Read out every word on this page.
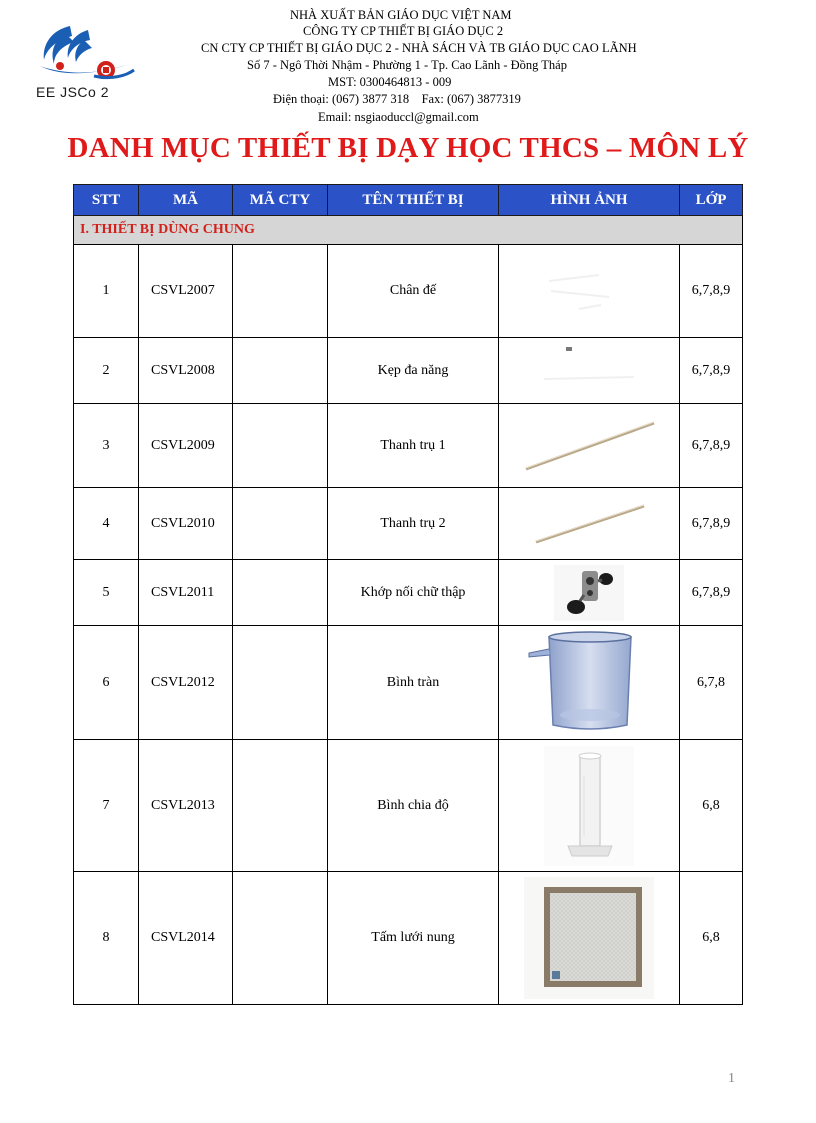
EE JSCo 2
NHÀ XUẤT BẢN GIÁO DỤC VIỆT NAM
CÔNG TY CP THIẾT BỊ GIÁO DỤC 2
CN CTY CP THIẾT BỊ GIÁO DỤC 2 - NHÀ SÁCH VÀ TB GIÁO DỤC CAO LÃNH
Số 7 - Ngô Thời Nhậm - Phường 1 - Tp. Cao Lãnh - Đồng Tháp
MST: 0300464813 - 009
Điện thoại: (067) 3877 318    Fax: (067) 3877319
Email: nsgiaoduccl@gmail.com
DANH MỤC THIẾT BỊ DẠY HỌC THCS – MÔN LÝ
STT	MÃ	MÃ CTY	TÊN THIẾT BỊ	HÌNH ẢNH	LỚP
I. THIẾT BỊ DÙNG CHUNG					
1	CSVL2007		Chân đế		6,7,8,9
2	CSVL2008		Kẹp đa năng		6,7,8,9
3	CSVL2009		Thanh trụ 1		6,7,8,9
4	CSVL2010		Thanh trụ 2		6,7,8,9
5	CSVL2011		Khớp nối chữ thập		6,7,8,9
6	CSVL2012		Bình tràn		6,7,8
7	CSVL2013		Bình chia độ		6,8
8	CSVL2014		Tấm lưới nung		6,8
1
